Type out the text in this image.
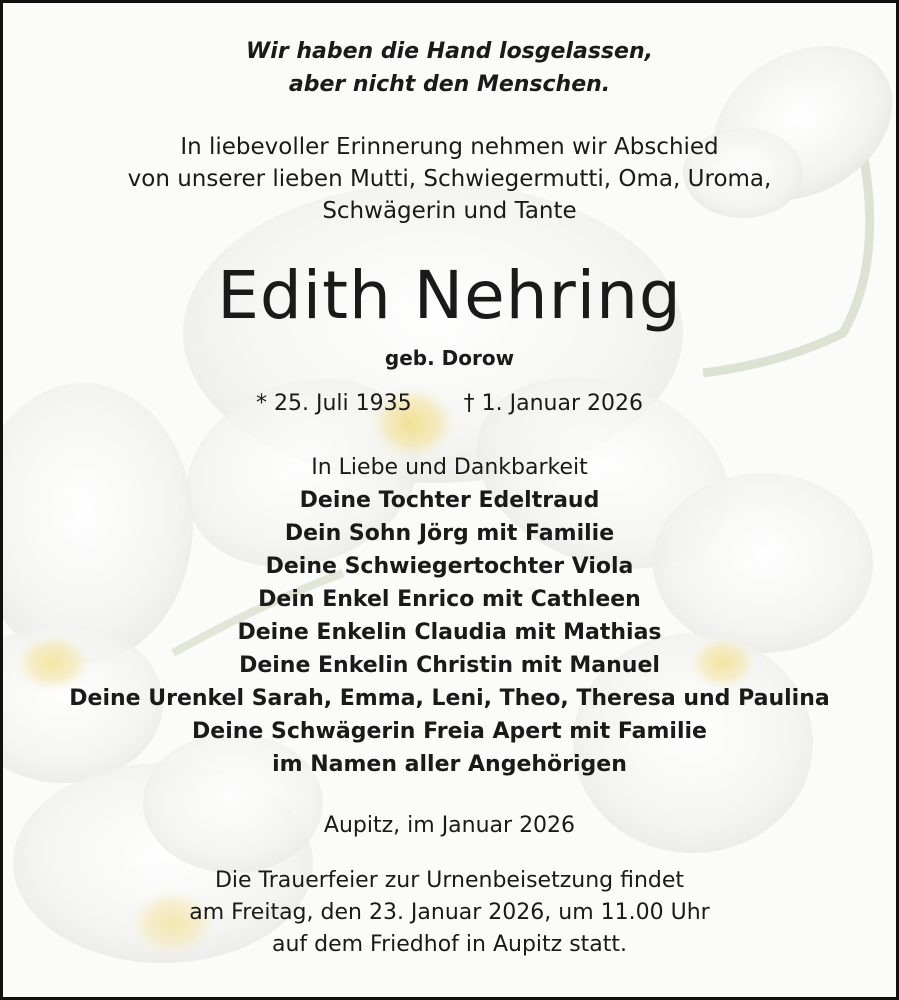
Wir haben die Hand losgelassen,
aber nicht den Menschen.
In liebevoller Erinnerung nehmen wir Abschied
von unserer lieben Mutti, Schwiegermutti, Oma, Uroma,
Schwägerin und Tante
Edith Nehring
geb. Dorow
* 25. Juli 1935 † 1. Januar 2026
In Liebe und Dankbarkeit
Deine Tochter Edeltraud
Dein Sohn Jörg mit Familie
Deine Schwiegertochter Viola
Dein Enkel Enrico mit Cathleen
Deine Enkelin Claudia mit Mathias
Deine Enkelin Christin mit Manuel
Deine Urenkel Sarah, Emma, Leni, Theo, Theresa und Paulina
Deine Schwägerin Freia Apert mit Familie
im Namen aller Angehörigen
Aupitz, im Januar 2026
Die Trauerfeier zur Urnenbeisetzung findet
am Freitag, den 23. Januar 2026, um 11.00 Uhr
auf dem Friedhof in Aupitz statt.
